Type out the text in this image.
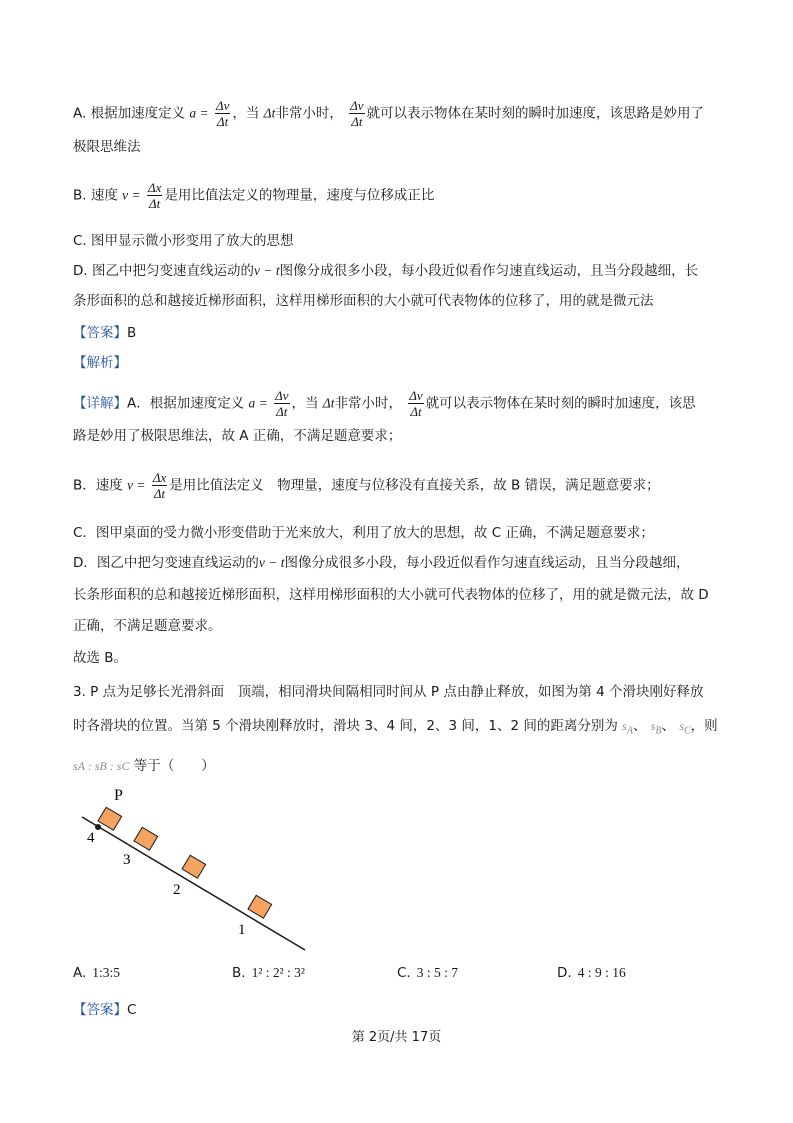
A. 根据加速度定义 $a = \frac{\Delta v}{\Delta t}$ ，当 Δt非常小时， $\frac{\Delta v}{\Delta t}$ 就可以表示物体在某时刻的瞬时加速度，该思路是妙用了
极限思维法
B. 速度 $v = \frac{\Delta x}{\Delta t}$ 是用比值法定义的物理量，速度与位移成正比
C. 图甲显示微小形变用了放大的思想
D. 图乙中把匀变速直线运动的v − t图像分成很多小段，每小段近似看作匀速直线运动，且当分段越细，长
条形面积的总和越接近梯形面积，这样用梯形面积的大小就可代表物体的位移了，用的就是微元法
【答案】B
【解析】
【详解】A．根据加速度定义 $a = \frac{\Delta v}{\Delta t}$ ，当 Δt非常小时， $\frac{\Delta v}{\Delta t}$ 就可以表示物体在某时刻的瞬时加速度，该思
路是妙用了极限思维法，故 A 正确，不满足题意要求；
B．速度 $v = \frac{\Delta x}{\Delta t}$ 是用比值法定义　物理量，速度与位移没有直接关系，故 B 错误，满足题意要求；
C．图甲桌面的受力微小形变借助于光来放大，利用了放大的思想，故 C 正确，不满足题意要求；
D．图乙中把匀变速直线运动的v − t图像分成很多小段，每小段近似看作匀速直线运动，且当分段越细，
长条形面积的总和越接近梯形面积，这样用梯形面积的大小就可代表物体的位移了，用的就是微元法，故 D
正确，不满足题意要求。
故选 B。
3. P 点为足够长光滑斜面　顶端，相同滑块间隔相同时间从 P 点由静止释放，如图为第 4 个滑块刚好释放
时各滑块的位置。当第 5 个滑块刚释放时，滑块 3、4 间，2、3 间，1、2 间的距离分别为 $s_A$、 $s_B$、 $s_C$，则
sA : sB : sC 等于（　　）
P
4
3
2
1
A. 1:3:5	B. 1² : 2² : 3²	C. 3 : 5 : 7	D. 4 : 9 : 16
【答案】C
第 2页/共 17页
